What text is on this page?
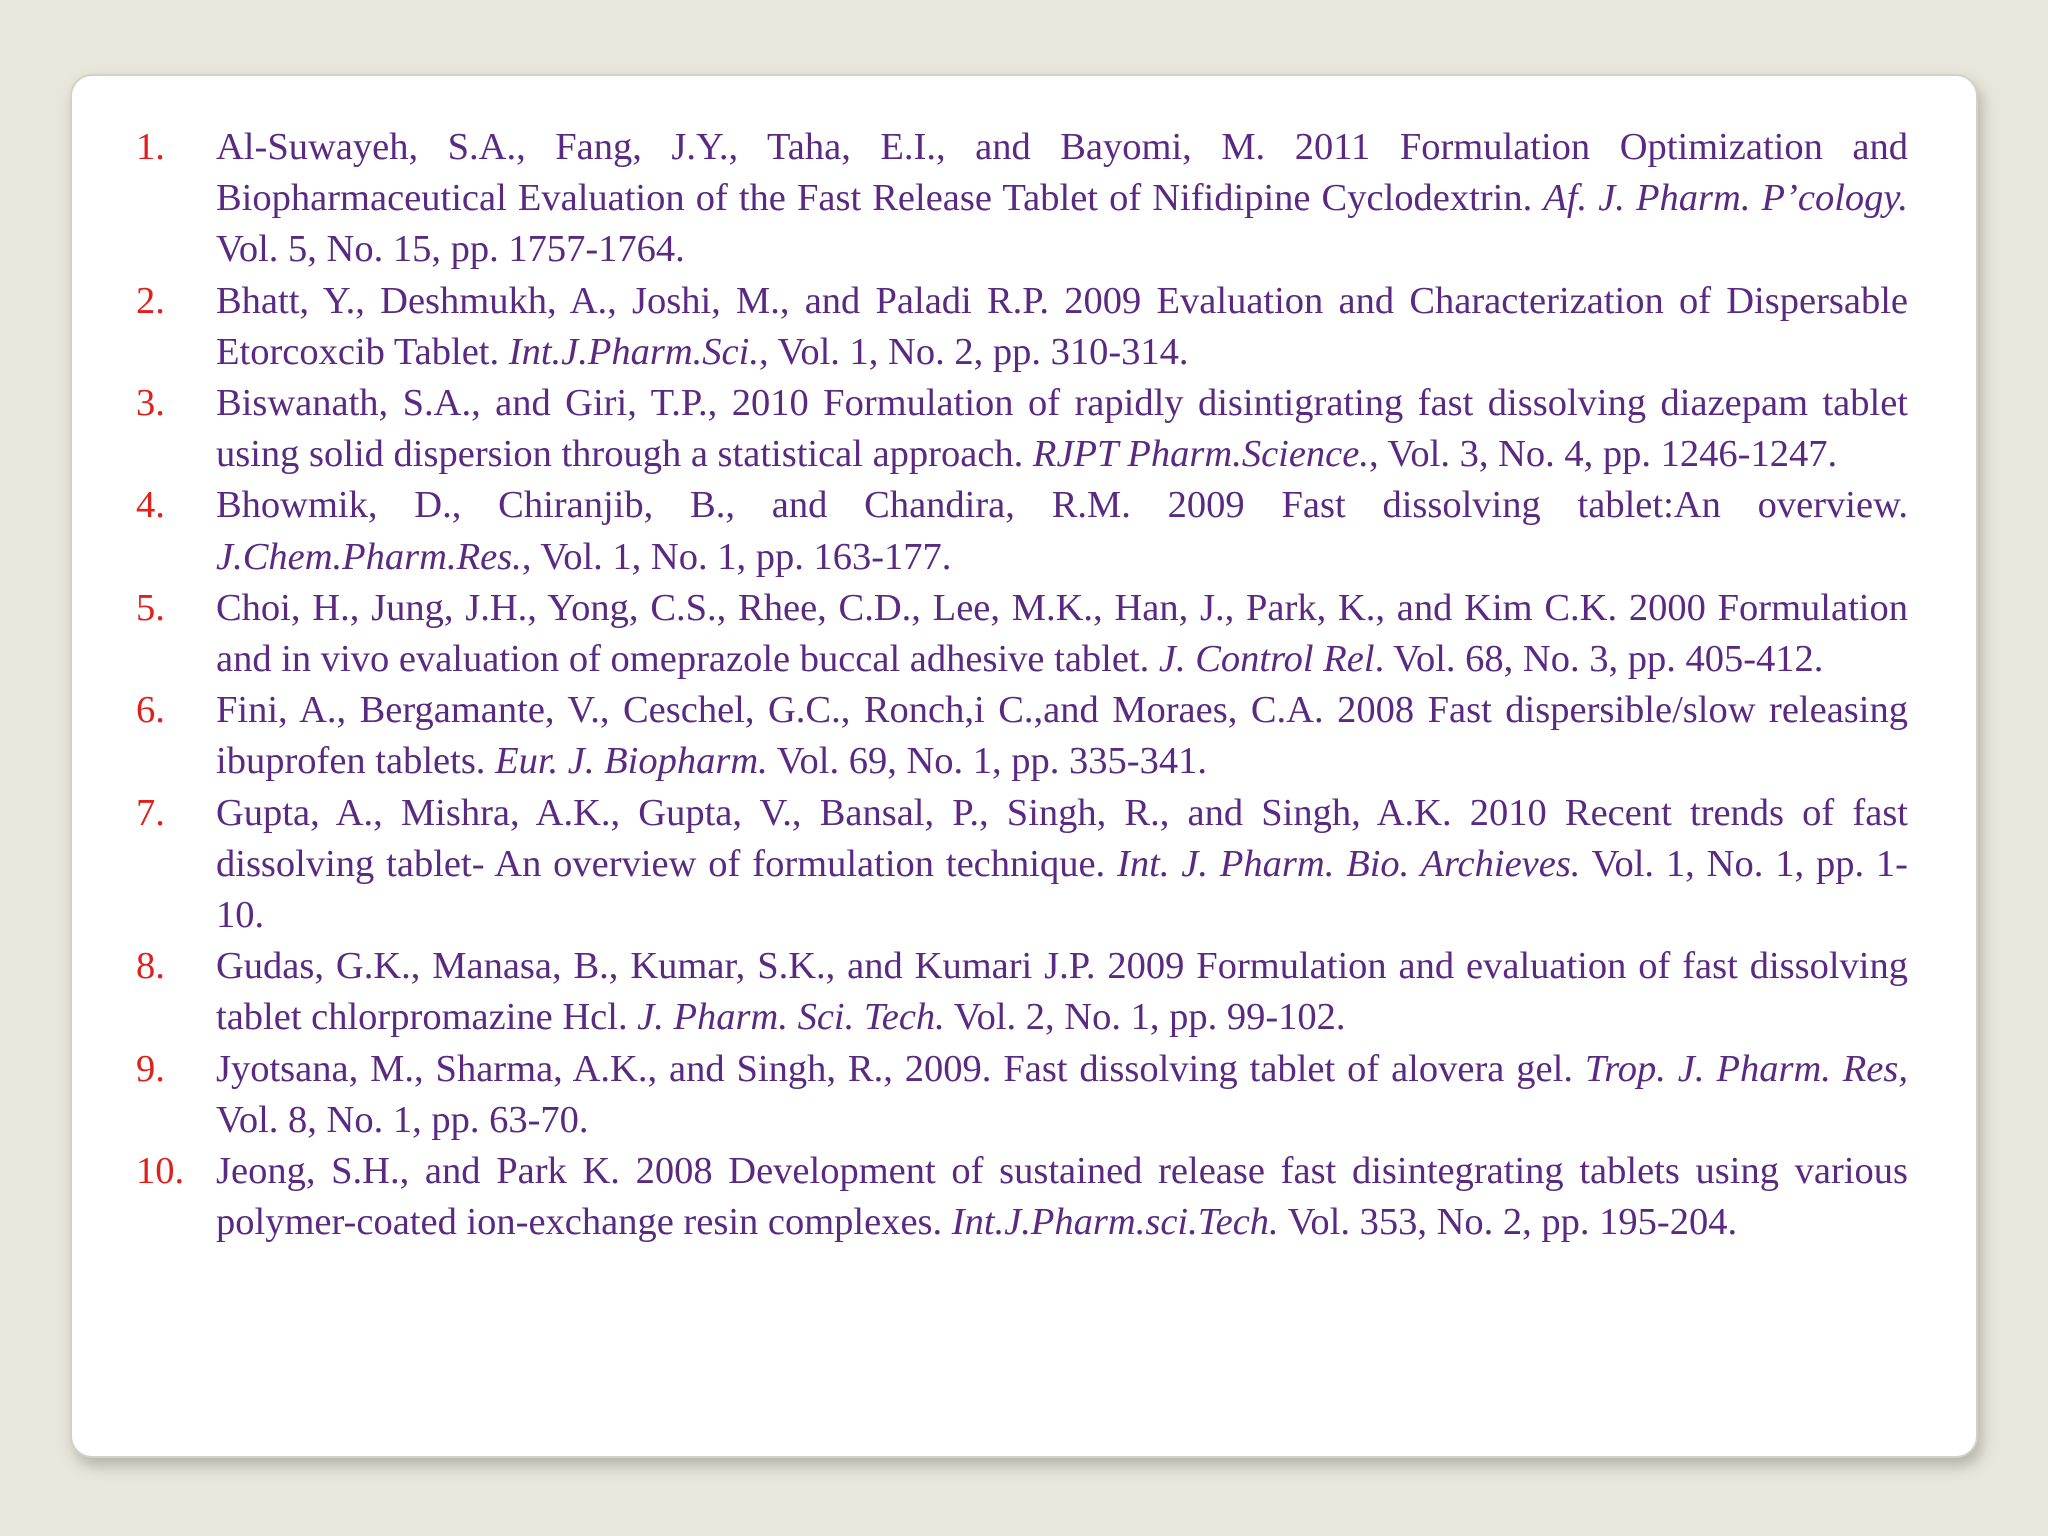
1.	Al-Suwayeh, S.A., Fang, J.Y., Taha, E.I., and Bayomi, M. 2011 Formulation Optimization and Biopharmaceutical Evaluation of the Fast Release Tablet of Nifidipine Cyclodextrin. Af. J. Pharm. P’cology. Vol. 5, No. 15, pp. 1757-1764.
2.	Bhatt, Y., Deshmukh, A., Joshi, M., and Paladi R.P. 2009 Evaluation and Characterization of Dispersable Etorcoxcib Tablet. Int.J.Pharm.Sci., Vol. 1, No. 2, pp. 310-314.
3.	Biswanath, S.A., and Giri, T.P., 2010 Formulation of rapidly disintigrating fast dissolving diazepam tablet using solid dispersion through a statistical approach. RJPT Pharm.Science., Vol. 3, No. 4, pp. 1246-1247.
4.	Bhowmik, D., Chiranjib, B., and Chandira, R.M. 2009 Fast dissolving tablet:An overview. J.Chem.Pharm.Res., Vol. 1, No. 1, pp. 163-177.
5.	Choi, H., Jung, J.H., Yong, C.S., Rhee, C.D., Lee, M.K., Han, J., Park, K., and Kim C.K. 2000 Formulation and in vivo evaluation of omeprazole buccal adhesive tablet. J. Control Rel. Vol. 68, No. 3, pp. 405-412.
6.	Fini, A., Bergamante, V., Ceschel, G.C., Ronch,i C.,and Moraes, C.A. 2008 Fast dispersible/slow releasing ibuprofen tablets. Eur. J. Biopharm. Vol. 69, No. 1, pp. 335-341.
7.	Gupta, A., Mishra, A.K., Gupta, V., Bansal, P., Singh, R., and Singh, A.K. 2010 Recent trends of fast dissolving tablet- An overview of formulation technique. Int. J. Pharm. Bio. Archieves. Vol. 1, No. 1, pp. 1-10.
8.	Gudas, G.K., Manasa, B., Kumar, S.K., and Kumari J.P. 2009 Formulation and evaluation of fast dissolving tablet chlorpromazine Hcl. J. Pharm. Sci. Tech. Vol. 2, No. 1, pp. 99-102.
9.	Jyotsana, M., Sharma, A.K., and Singh, R., 2009. Fast dissolving tablet of alovera gel. Trop. J. Pharm. Res, Vol. 8, No. 1, pp. 63-70.
10. Jeong, S.H., and Park K. 2008 Development of sustained release fast disintegrating tablets using various polymer-coated ion-exchange resin complexes. Int.J.Pharm.sci.Tech. Vol. 353, No. 2, pp. 195-204.
